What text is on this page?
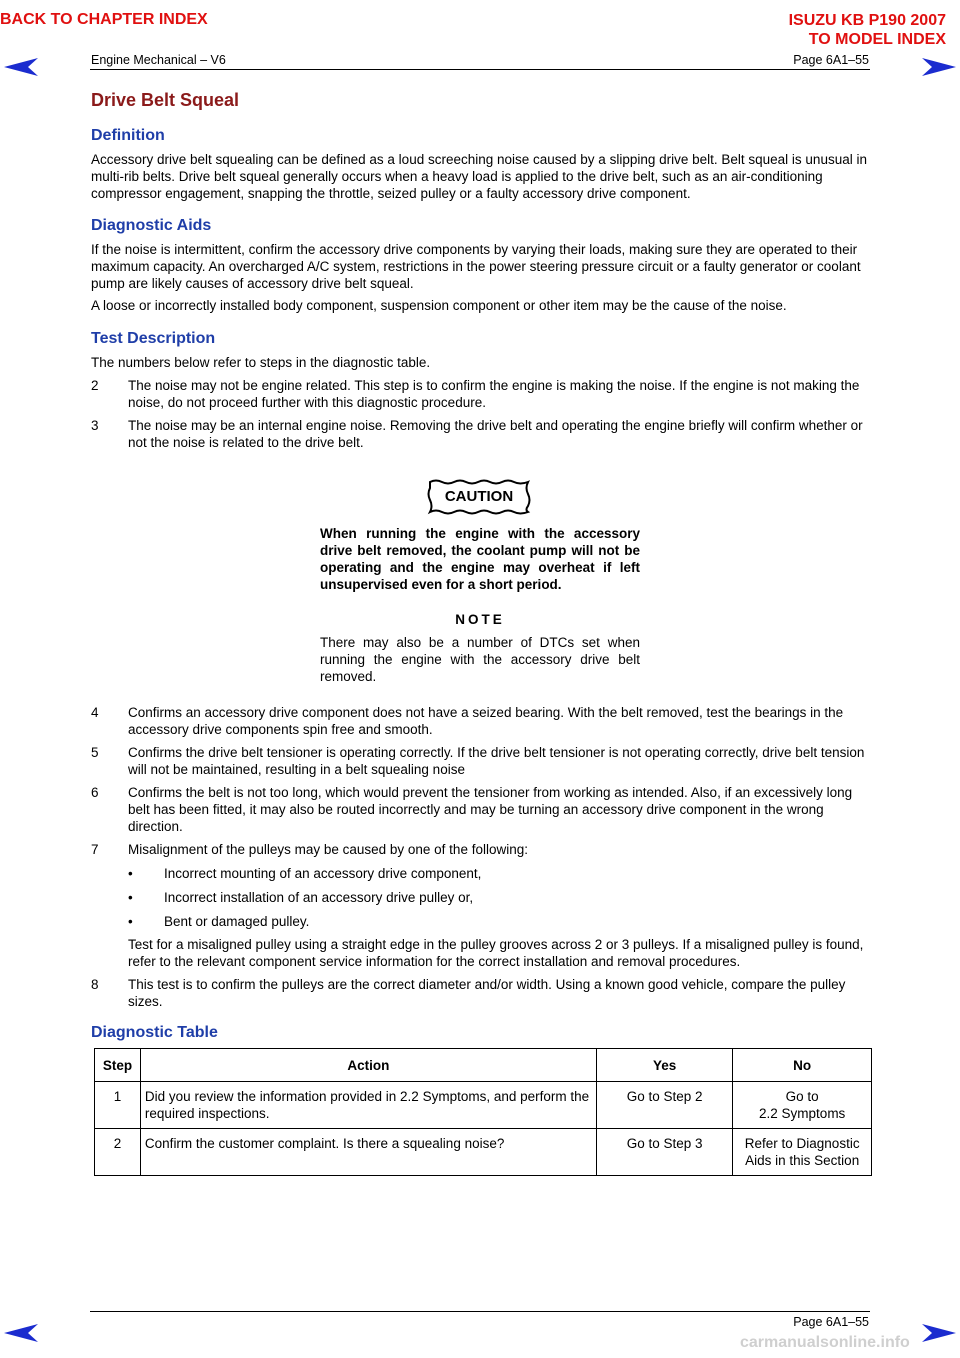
BACK TO CHAPTER INDEX	ISUZU KB P190 2007
TO MODEL INDEX
Engine Mechanical – V6	Page 6A1–55
Drive Belt Squeal
Definition

Accessory drive belt squealing can be defined as a loud screeching noise caused by a slipping drive belt. Belt squeal is unusual in multi-rib belts. Drive belt squeal generally occurs when a heavy load is applied to the drive belt, such as an air-conditioning compressor engagement, snapping the throttle, seized pulley or a faulty accessory drive component.

Diagnostic Aids

If the noise is intermittent, confirm the accessory drive components by varying their loads, making sure they are operated to their maximum capacity. An overcharged A/C system, restrictions in the power steering pressure circuit or a faulty generator or coolant pump are likely causes of accessory drive belt squeal.

A loose or incorrectly installed body component, suspension component or other item may be the cause of the noise.

Test Description

The numbers below refer to steps in the diagnostic table.

2	The noise may not be engine related. This step is to confirm the engine is making the noise. If the engine is not making the noise, do not proceed further with this diagnostic procedure.
3	The noise may be an internal engine noise. Removing the drive belt and operating the engine briefly will confirm whether or not the noise is related to the drive belt.
CAUTION
When running the engine with the accessory drive belt removed, the coolant pump will not be operating and the engine may overheat if left unsupervised even for a short period.
NOTE
There may also be a number of DTCs set when running the engine with the accessory drive belt removed.
4	Confirms an accessory drive component does not have a seized bearing. With the belt removed, test the bearings in the accessory drive components spin free and smooth.
5	Confirms the drive belt tensioner is operating correctly. If the drive belt tensioner is not operating correctly, drive belt tension will not be maintained, resulting in a belt squealing noise
6	Confirms the belt is not too long, which would prevent the tensioner from working as intended. Also, if an excessively long belt has been fitted, it may also be routed incorrectly and may be turning an accessory drive component in the wrong direction.
7	Misalignment of the pulleys may be caused by one of the following:
• Incorrect mounting of an accessory drive component,
• Incorrect installation of an accessory drive pulley or,
• Bent or damaged pulley.
Test for a misaligned pulley using a straight edge in the pulley grooves across 2 or 3 pulleys. If a misaligned pulley is found, refer to the relevant component service information for the correct installation and removal procedures.
8	This test is to confirm the pulleys are the correct diameter and/or width. Using a known good vehicle, compare the pulley sizes.
Diagnostic Table
Step	Action	Yes	No
1	Did you review the information provided in 2.2 Symptoms, and perform the required inspections.	Go to Step 2	Go to
2.2 Symptoms

2	Confirm the customer complaint. Is there a squealing noise?	Go to Step 3	Refer to Diagnostic
Aids in this Section
Page 6A1–55
carmanualsonline.info
